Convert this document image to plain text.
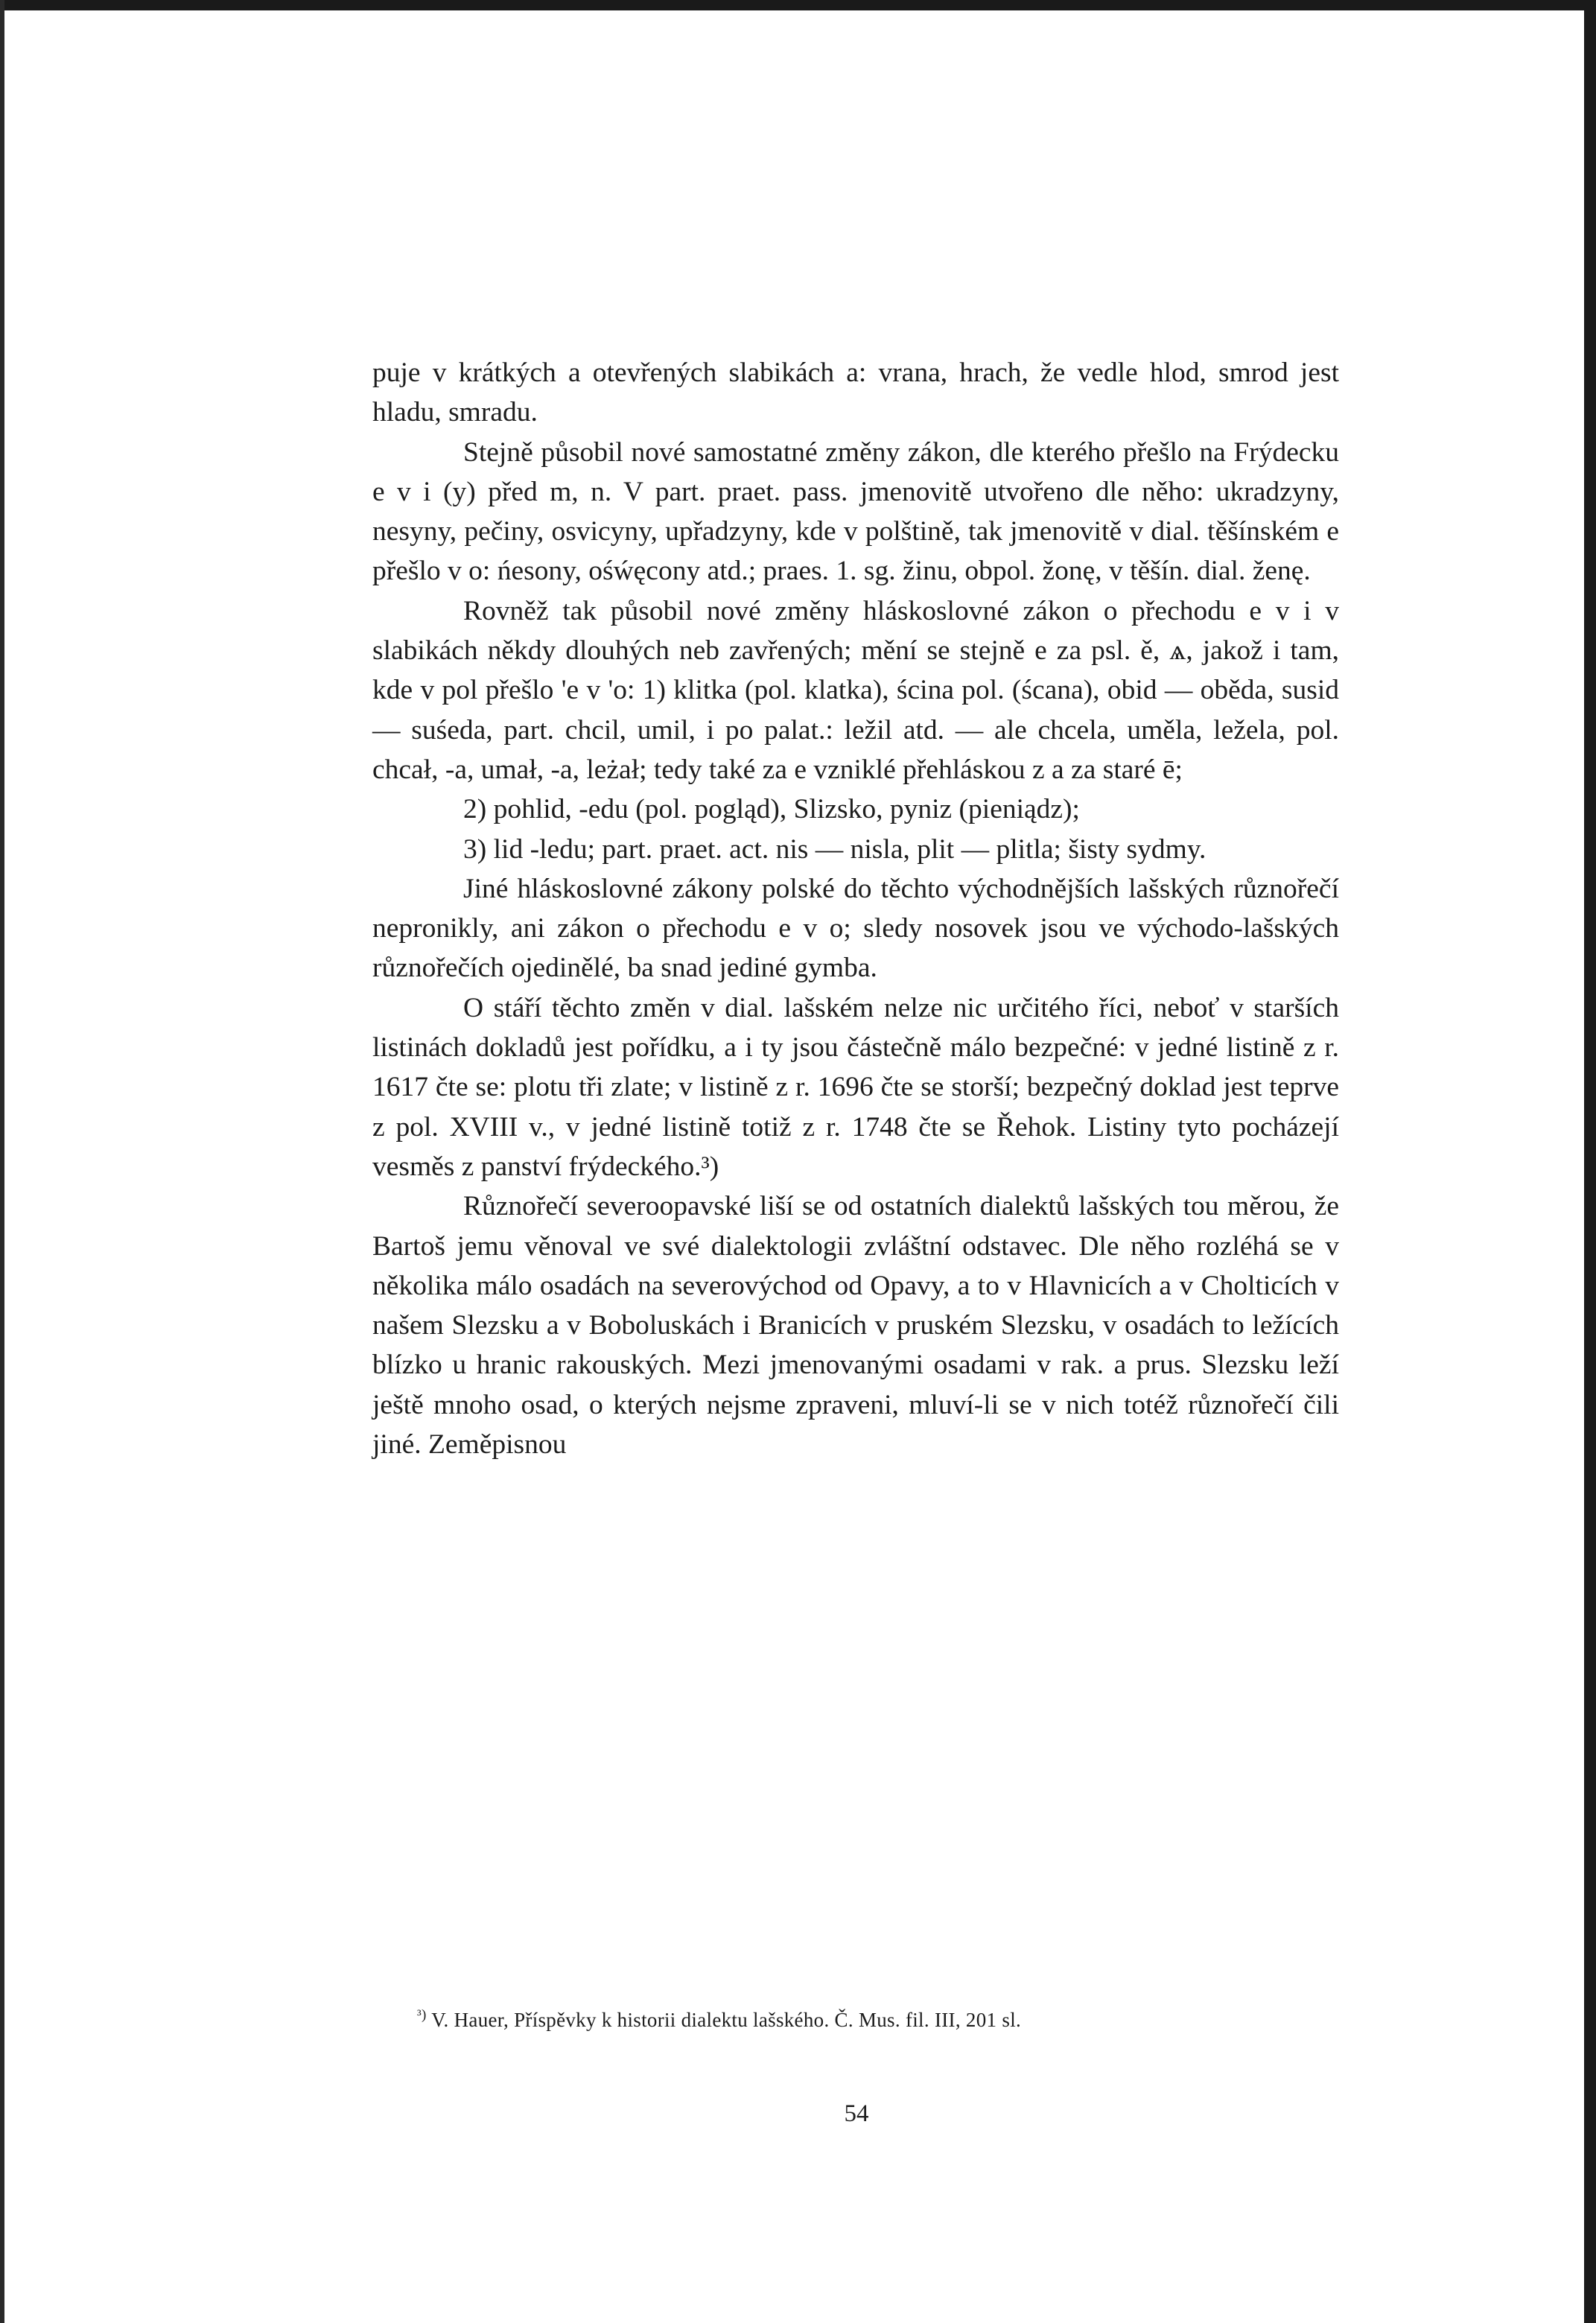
puje v krátkých a otevřených slabikách a: vrana, hrach, že vedle hlod, smrod jest hladu, smradu.

Stejně působil nové samostatné změny zákon, dle kterého přešlo na Frýdecku e v i (y) před m, n. V part. praet. pass. jmenovitě utvořeno dle něho: ukradzyny, nesyny, pečiny, osvicyny, upřadzyny, kde v polštině, tak jmenovitě v dial. těšínském e přešlo v o: ńesony, ośẃęcony atd.; praes. 1. sg. žinu, obpol. žonę, v těšín. dial. ženę.

Rovněž tak působil nové změny hláskoslovné zákon o přechodu e v i v slabikách někdy dlouhých neb zavřených; mění se stejně e za psl. ě, ѧ, jakož i tam, kde v pol přešlo 'e v 'o: 1) klitka (pol. klatka), ścina pol. (ścana), obid — oběda, susid — suśeda, part. chcil, umil, i po palat.: ležil atd. — ale chcela, uměla, ležela, pol. chcał, -a, umał, -a, leżał; tedy také za e vzniklé přehláskou z a za staré ē;

2) pohlid, -edu (pol. pogląd), Slizsko, pyniz (pieniądz);

3) lid -ledu; part. praet. act. nis — nisla, plit — plitla; šisty sydmy.

Jiné hláskoslovné zákony polské do těchto východnějších lašských různořečí nepronikly, ani zákon o přechodu e v o; sledy nosovek jsou ve východo-lašských různořečích ojedinělé, ba snad jediné gymba.

O stáří těchto změn v dial. lašském nelze nic určitého říci, neboť v starších listinách dokladů jest pořídku, a i ty jsou částečně málo bezpečné: v jedné listině z r. 1617 čte se: plotu tři zlate; v listině z r. 1696 čte se storší; bezpečný doklad jest teprve z pol. XVIII v., v jedné listině totiž z r. 1748 čte se Řehok. Listiny tyto pocházejí vesměs z panství frýdeckého.³)

Různořečí severoopavské liší se od ostatních dialektů lašských tou měrou, že Bartoš jemu věnoval ve své dialektologii zvláštní odstavec. Dle něho rozléhá se v několika málo osadách na severovýchod od Opavy, a to v Hlavnicích a v Cholticích v našem Slezsku a v Boboluskách i Branicích v pruském Slezsku, v osadách to ležících blízko u hranic rakouských. Mezi jmenovanými osadami v rak. a prus. Slezsku leží ještě mnoho osad, o kterých nejsme zpraveni, mluví-li se v nich totéž různořečí čili jiné. Zeměpisnou

$^{^3)}$ V. Hauer, Příspěvky k historii dialektu lašského. Č. Mus. fil. III, 201 sl.
54
